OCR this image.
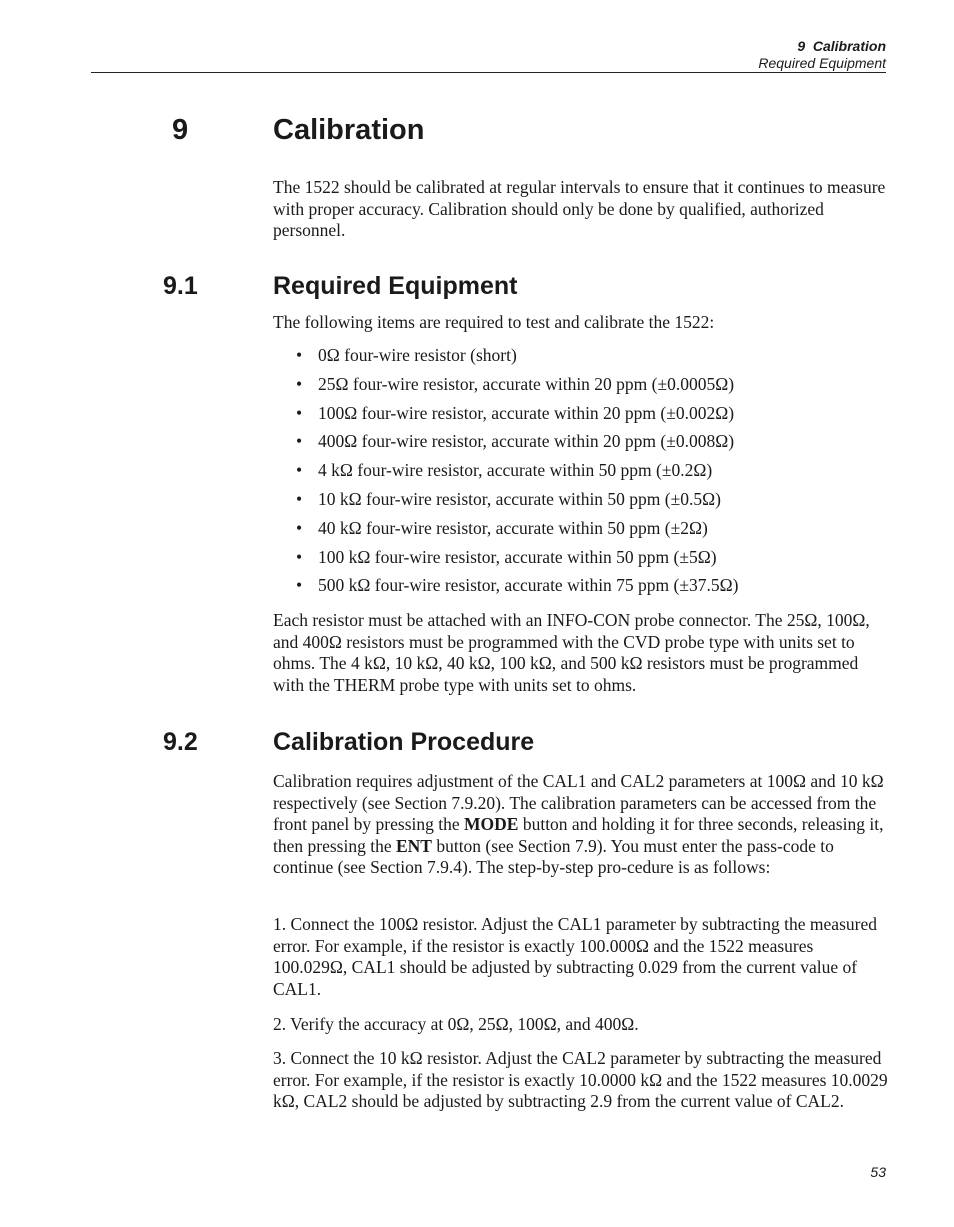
9  Calibration
Required Equipment
9	Calibration

The 1522 should be calibrated at regular intervals to ensure that it continues to measure with proper accuracy. Calibration should only be done by qualified, authorized personnel.

9.1	Required Equipment

The following items are required to test and calibrate the 1522:

• 0Ω four-wire resistor (short)
• 25Ω four-wire resistor, accurate within 20 ppm (±0.0005Ω)
• 100Ω four-wire resistor, accurate within 20 ppm (±0.002Ω)
• 400Ω four-wire resistor, accurate within 20 ppm (±0.008Ω)
• 4 kΩ four-wire resistor, accurate within 50 ppm (±0.2Ω)
• 10 kΩ four-wire resistor, accurate within 50 ppm (±0.5Ω)
• 40 kΩ four-wire resistor, accurate within 50 ppm (±2Ω)
• 100 kΩ four-wire resistor, accurate within 50 ppm (±5Ω)
• 500 kΩ four-wire resistor, accurate within 75 ppm (±37.5Ω)

Each resistor must be attached with an INFO-CON probe connector. The 25Ω, 100Ω, and 400Ω resistors must be programmed with the CVD probe type with units set to ohms. The 4 kΩ, 10 kΩ, 40 kΩ, 100 kΩ, and 500 kΩ resistors must be programmed with the THERM probe type with units set to ohms.

9.2	Calibration Procedure

Calibration requires adjustment of the CAL1 and CAL2 parameters at 100Ω and 10 kΩ respectively (see Section 7.9.20). The calibration parameters can be accessed from the front panel by pressing the MODE button and holding it for three seconds, releasing it, then pressing the ENT button (see Section 7.9). You must enter the pass-code to continue (see Section 7.9.4). The step-by-step pro-cedure is as follows:

1. Connect the 100Ω resistor. Adjust the CAL1 parameter by subtracting the measured error. For example, if the resistor is exactly 100.000Ω and the 1522 measures 100.029Ω, CAL1 should be adjusted by subtracting 0.029 from the current value of CAL1.

2. Verify the accuracy at 0Ω, 25Ω, 100Ω, and 400Ω.

3. Connect the 10 kΩ resistor. Adjust the CAL2 parameter by subtracting the measured error. For example, if the resistor is exactly 10.0000 kΩ and the 1522 measures 10.0029 kΩ, CAL2 should be adjusted by subtracting 2.9 from the current value of CAL2.

53
